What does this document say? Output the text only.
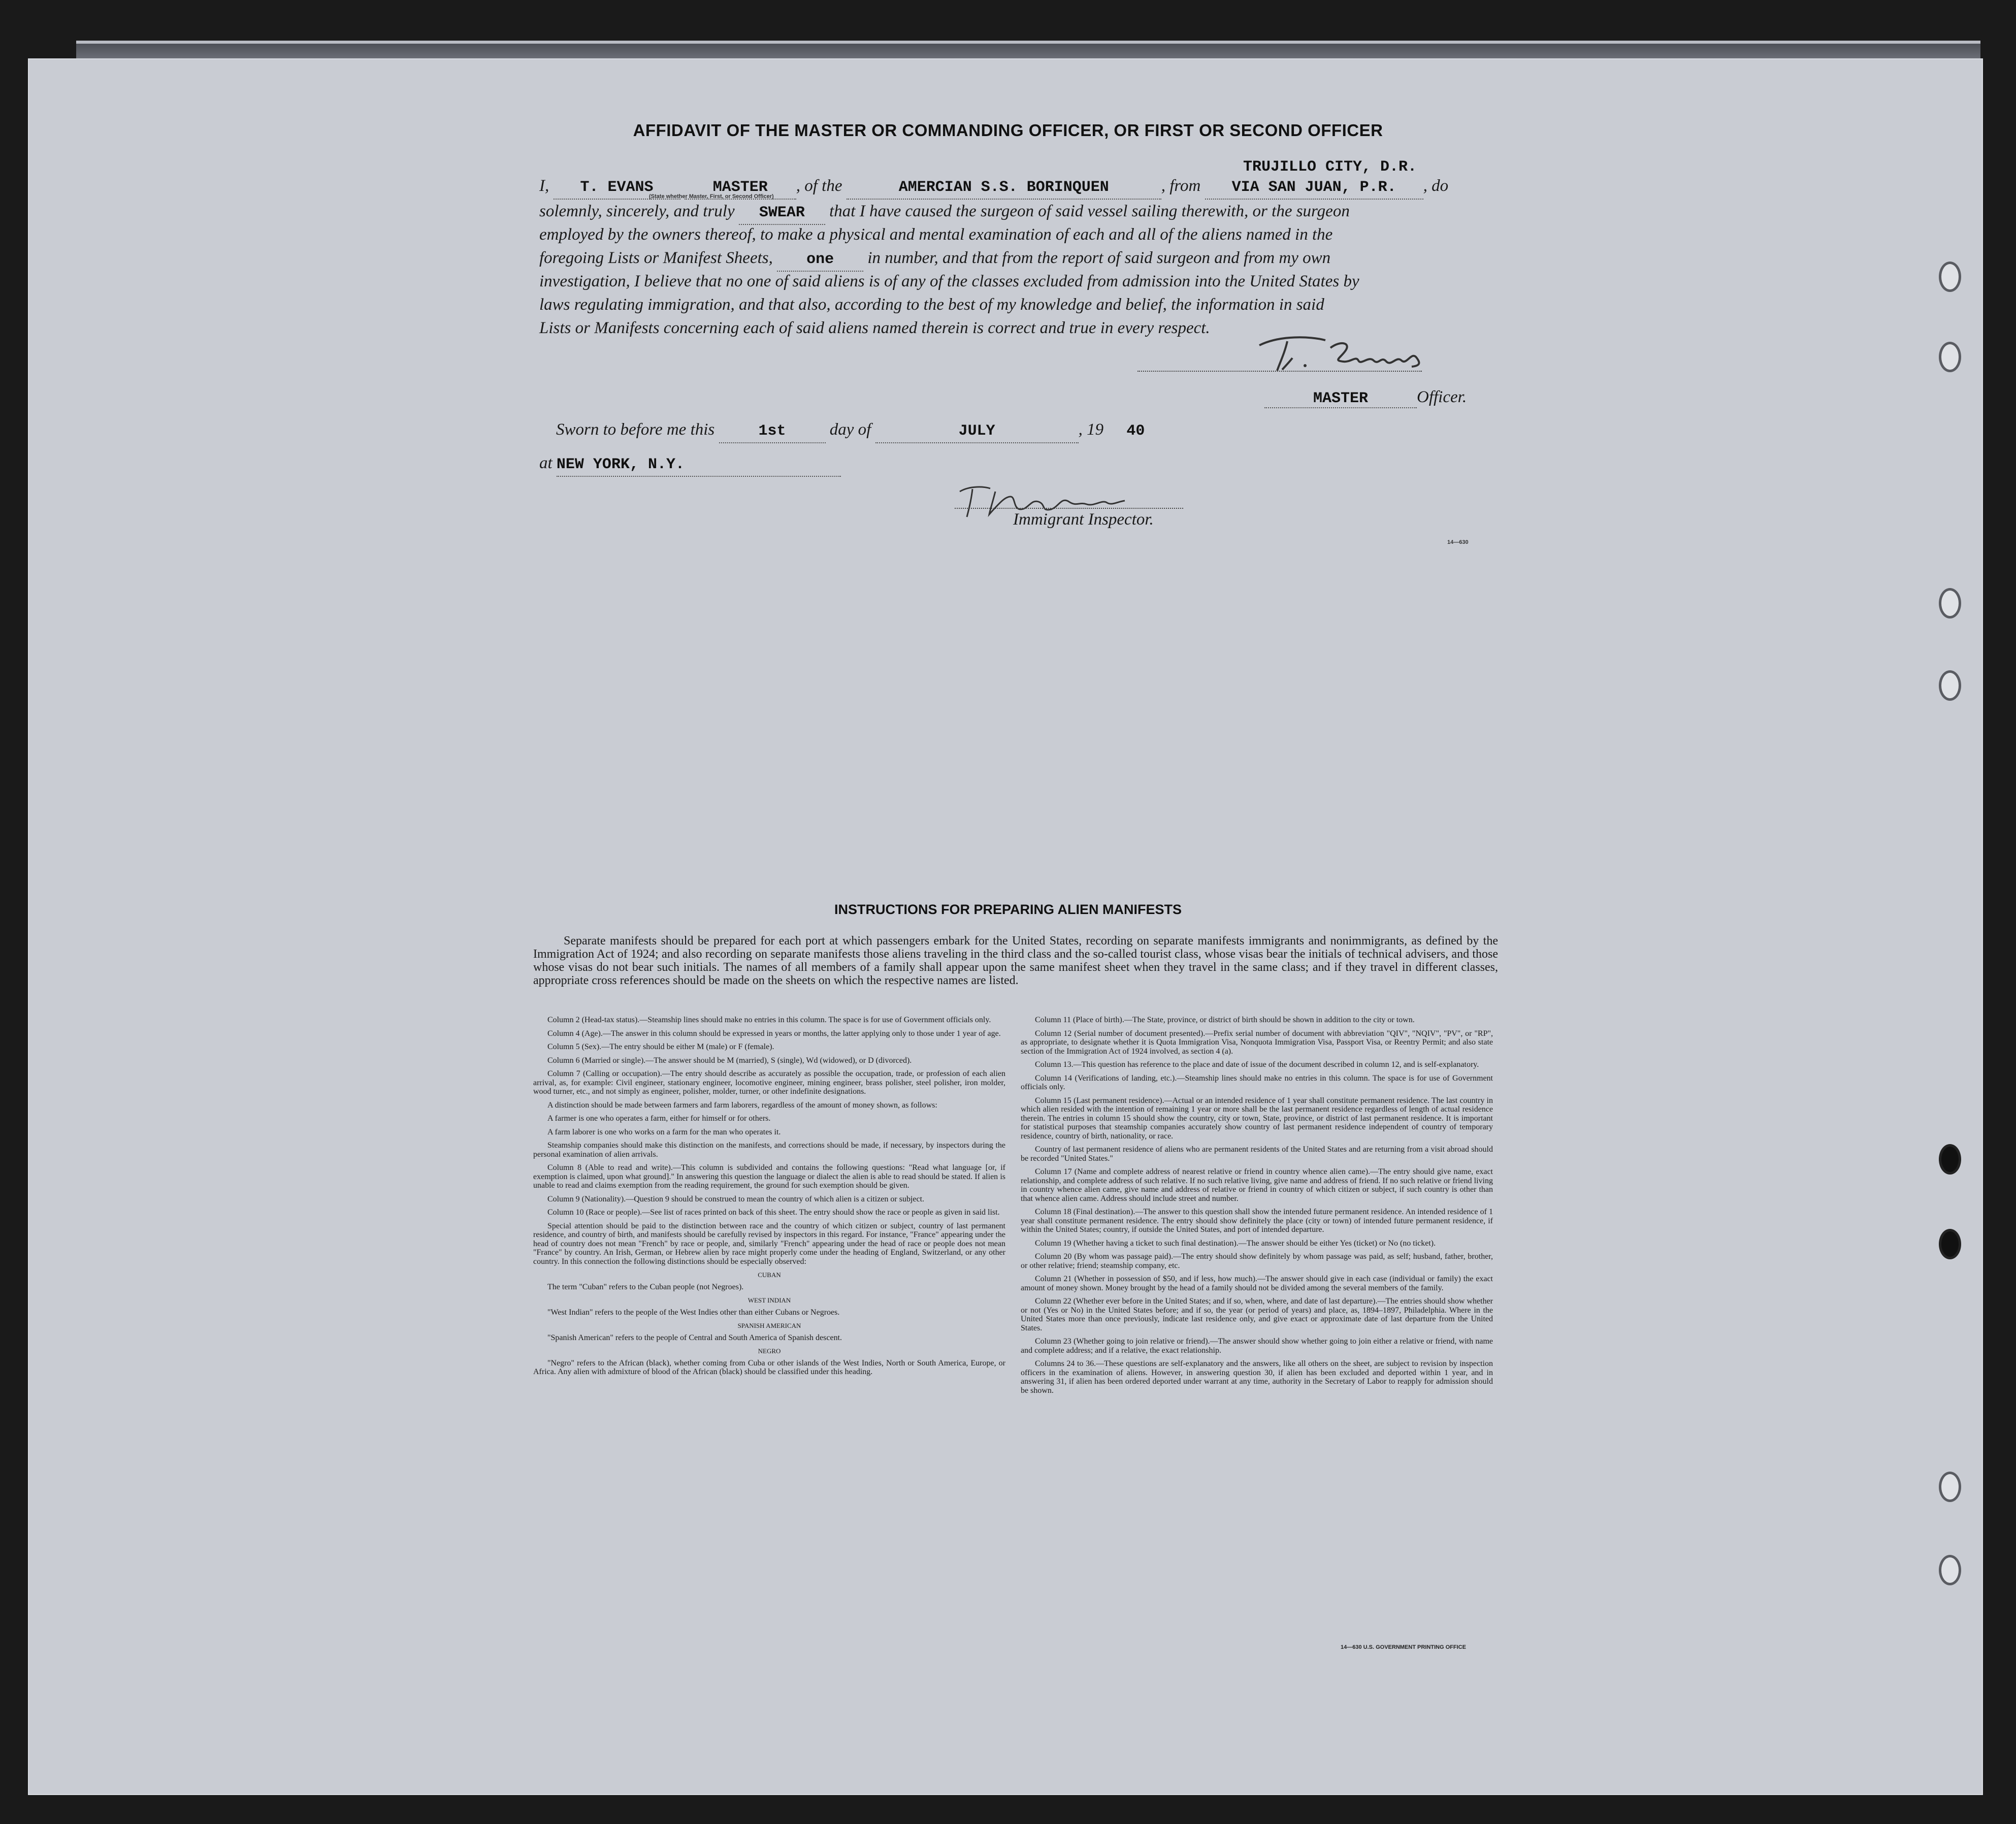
AFFIDAVIT OF THE MASTER OR COMMANDING OFFICER, OR FIRST OR SECOND OFFICER
TRUJILLO CITY, D.R.
I, T. EVANS	MASTER , of the	AMERCIAN S.S. BORINQUEN	, from VIA SAN JUAN, P.R. , do
(State whether Master, First, or Second Officer)
solemnly, sincerely, and truly SWEAR that I have caused the surgeon of said vessel sailing therewith, or the surgeon
employed by the owners thereof, to make a physical and mental examination of each and all of the aliens named in the
foregoing Lists or Manifest Sheets, one in number, and that from the report of said surgeon and from my own
investigation, I believe that no one of said aliens is of any of the classes excluded from admission into the United States by
laws regulating immigration, and that also, according to the best of my knowledge and belief, the information in said
Lists or Manifests concerning each of said aliens named therein is correct and true in every respect.
MASTER	Officer.
Sworn to before me this	1st	day of	JULY	, 19 40
at NEW YORK, N.Y.
Immigrant Inspector.
14—630
INSTRUCTIONS FOR PREPARING ALIEN MANIFESTS
Separate manifests should be prepared for each port at which passengers embark for the United States, recording on separate manifests immigrants and nonimmigrants, as defined by the Immigration Act of 1924; and also recording on separate manifests those aliens traveling in the third class and the so-called tourist class, whose visas bear the initials of technical advisers, and those whose visas do not bear such initials. The names of all members of a family shall appear upon the same manifest sheet when they travel in the same class; and if they travel in different classes, appropriate cross references should be made on the sheets on which the respective names are listed.

Column 2 (Head-tax status).—Steamship lines should make no entries in this column. The space is for use of Government officials only.

Column 4 (Age).—The answer in this column should be expressed in years or months, the latter applying only to those under 1 year of age.

Column 5 (Sex).—The entry should be either M (male) or F (female).

Column 6 (Married or single).—The answer should be M (married), S (single), Wd (widowed), or D (divorced).

Column 7 (Calling or occupation).—The entry should describe as accurately as possible the occupation, trade, or profession of each alien arrival, as, for example: Civil engineer, stationary engineer, locomotive engineer, mining engineer, brass polisher, steel polisher, iron molder, wood turner, etc., and not simply as engineer, polisher, molder, turner, or other indefinite designations.

A distinction should be made between farmers and farm laborers, regardless of the amount of money shown, as follows:

A farmer is one who operates a farm, either for himself or for others.

A farm laborer is one who works on a farm for the man who operates it.

Steamship companies should make this distinction on the manifests, and corrections should be made, if necessary, by inspectors during the personal examination of alien arrivals.

Column 8 (Able to read and write).—This column is subdivided and contains the following questions: "Read what language [or, if exemption is claimed, upon what ground]." In answering this question the language or dialect the alien is able to read should be stated. If alien is unable to read and claims exemption from the reading requirement, the ground for such exemption should be given.

Column 9 (Nationality).—Question 9 should be construed to mean the country of which alien is a citizen or subject.

Column 10 (Race or people).—See list of races printed on back of this sheet. The entry should show the race or people as given in said list.

Special attention should be paid to the distinction between race and the country of which citizen or subject, country of last permanent residence, and country of birth, and manifests should be carefully revised by inspectors in this regard. For instance, "France" appearing under the head of country does not mean "French" by race or people, and, similarly "French" appearing under the head of race or people does not mean "France" by country. An Irish, German, or Hebrew alien by race might properly come under the heading of England, Switzerland, or any other country. In this connection the following distinctions should be especially observed:

CUBAN

The term "Cuban" refers to the Cuban people (not Negroes).

WEST INDIAN

"West Indian" refers to the people of the West Indies other than either Cubans or Negroes.

SPANISH AMERICAN

"Spanish American" refers to the people of Central and South America of Spanish descent.

NEGRO

"Negro" refers to the African (black), whether coming from Cuba or other islands of the West Indies, North or South America, Europe, or Africa. Any alien with admixture of blood of the African (black) should be classified under this heading.

Column 11 (Place of birth).—The State, province, or district of birth should be shown in addition to the city or town.

Column 12 (Serial number of document presented).—Prefix serial number of document with abbreviation "QIV", "NQIV", "PV", or "RP", as appropriate, to designate whether it is Quota Immigration Visa, Nonquota Immigration Visa, Passport Visa, or Reentry Permit; and also state section of the Immigration Act of 1924 involved, as section 4 (a).

Column 13.—This question has reference to the place and date of issue of the document described in column 12, and is self-explanatory.

Column 14 (Verifications of landing, etc.).—Steamship lines should make no entries in this column. The space is for use of Government officials only.

Column 15 (Last permanent residence).—Actual or an intended residence of 1 year shall constitute permanent residence. The last country in which alien resided with the intention of remaining 1 year or more shall be the last permanent residence regardless of length of actual residence therein. The entries in column 15 should show the country, city or town, State, province, or district of last permanent residence. It is important for statistical purposes that steamship companies accurately show country of last permanent residence independent of country of temporary residence, country of birth, nationality, or race.

Country of last permanent residence of aliens who are permanent residents of the United States and are returning from a visit abroad should be recorded "United States."

Column 17 (Name and complete address of nearest relative or friend in country whence alien came).—The entry should give name, exact relationship, and complete address of such relative. If no such relative living, give name and address of friend. If no such relative or friend living in country whence alien came, give name and address of relative or friend in country of which citizen or subject, if such country is other than that whence alien came. Address should include street and number.

Column 18 (Final destination).—The answer to this question shall show the intended future permanent residence. An intended residence of 1 year shall constitute permanent residence. The entry should show definitely the place (city or town) of intended future permanent residence, if within the United States; country, if outside the United States, and port of intended departure.

Column 19 (Whether having a ticket to such final destination).—The answer should be either Yes (ticket) or No (no ticket).

Column 20 (By whom was passage paid).—The entry should show definitely by whom passage was paid, as self; husband, father, brother, or other relative; friend; steamship company, etc.

Column 21 (Whether in possession of $50, and if less, how much).—The answer should give in each case (individual or family) the exact amount of money shown. Money brought by the head of a family should not be divided among the several members of the family.

Column 22 (Whether ever before in the United States; and if so, when, where, and date of last departure).—The entries should show whether or not (Yes or No) in the United States before; and if so, the year (or period of years) and place, as, 1894–1897, Philadelphia. Where in the United States more than once previously, indicate last residence only, and give exact or approximate date of last departure from the United States.

Column 23 (Whether going to join relative or friend).—The answer should show whether going to join either a relative or friend, with name and complete address; and if a relative, the exact relationship.

Columns 24 to 36.—These questions are self-explanatory and the answers, like all others on the sheet, are subject to revision by inspection officers in the examination of aliens. However, in answering question 30, if alien has been excluded and deported within 1 year, and in answering 31, if alien has been ordered deported under warrant at any time, authority in the Secretary of Labor to reapply for admission should be shown.

14—630 U.S. GOVERNMENT PRINTING OFFICE
